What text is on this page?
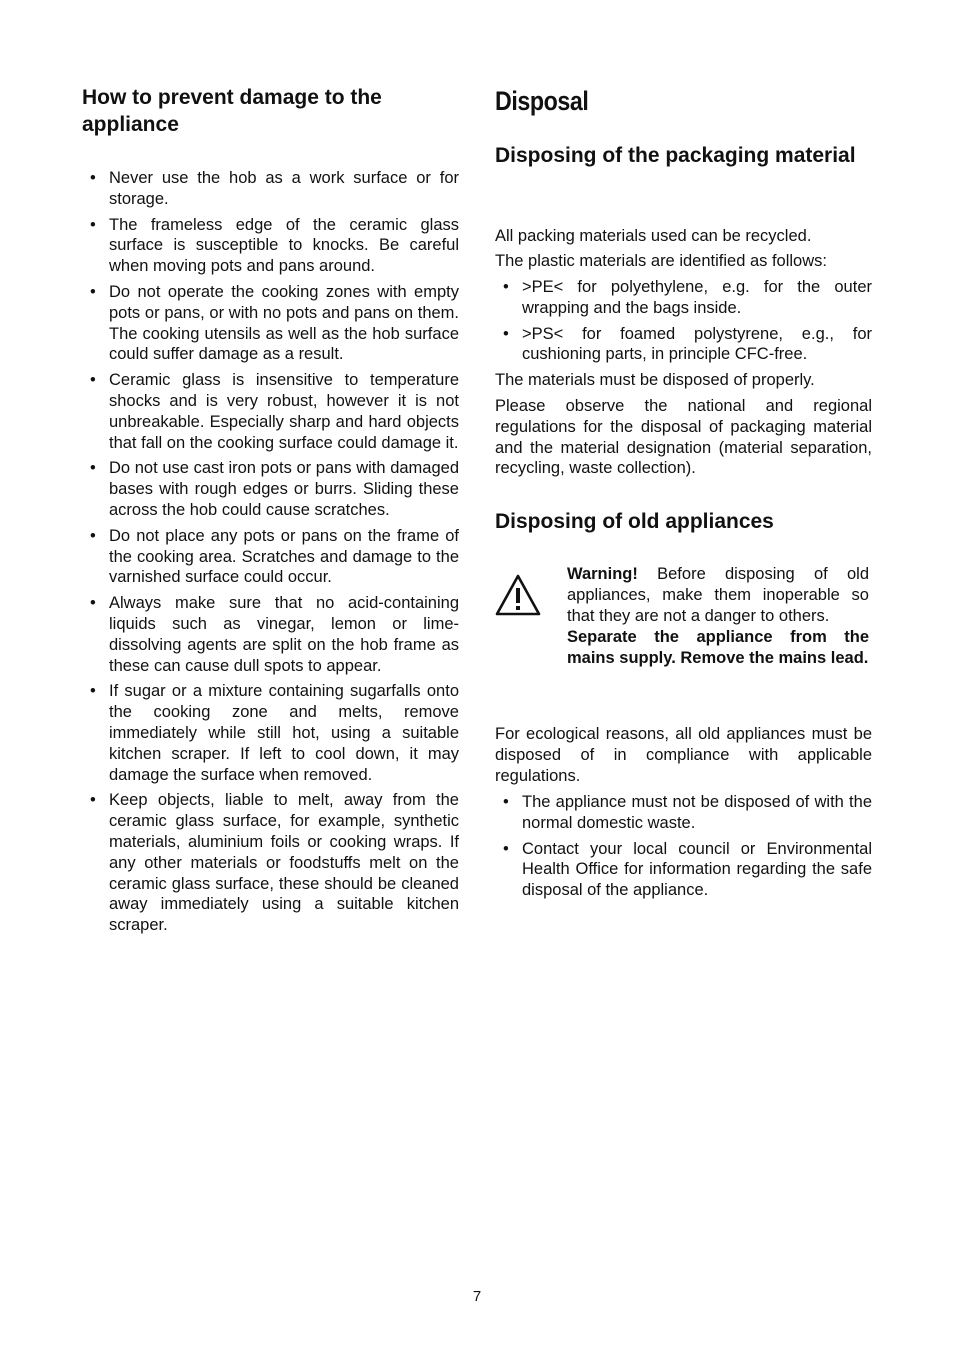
How to prevent damage to the appliance
• Never use the hob as a work surface or for storage.
• The frameless edge of the ceramic glass surface is susceptible to knocks. Be careful when moving pots and pans around.
• Do not operate the cooking zones with empty pots or pans, or with no pots and pans on them. The cooking utensils as well as the hob surface could suffer damage as a result.
• Ceramic glass is insensitive to temperature shocks and is very robust, however it is not unbreakable. Especially sharp and hard objects that fall on the cooking surface could damage it.
• Do not use cast iron pots or pans with damaged bases with rough edges or burrs. Sliding these across the hob could cause scratches.
• Do not place any pots or pans on the frame of the cooking area. Scratches and damage to the varnished surface could occur.
• Always make sure that no acid-containing liquids such as vinegar, lemon or lime-dissolving agents are split on the hob frame as these can cause dull spots to appear.
• If sugar or a mixture containing sugarfalls onto the cooking zone and melts, remove immediately while still hot, using a suitable kitchen scraper. If left to cool down, it may damage the surface when removed.
• Keep objects, liable to melt, away from the ceramic glass surface, for example, synthetic materials, aluminium foils or cooking wraps. If any other materials or foodstuffs melt on the ceramic glass surface, these should be cleaned away immediately using a suitable kitchen scraper.
Disposal
Disposing of the packaging material

All packing materials used can be recycled.

The plastic materials are identified as follows:

• >PE< for polyethylene, e.g. for the outer wrapping and the bags inside.
• >PS< for foamed polystyrene, e.g., for cushioning parts, in principle CFC-free.

The materials must be disposed of properly.

Please observe the national and regional regulations for the disposal of packaging material and the material designation (material separation, recycling, waste collection).

Disposing of old appliances
Warning! Before disposing of old appliances, make them inoperable so that they are not a danger to others.
Separate the appliance from the mains supply. Remove the mains lead.

For ecological reasons, all old appliances must be disposed of in compliance with applicable regulations.

• The appliance must not be disposed of with the normal domestic waste.
• Contact your local council or Environmental Health Office for information regarding the safe disposal of the appliance.
7
